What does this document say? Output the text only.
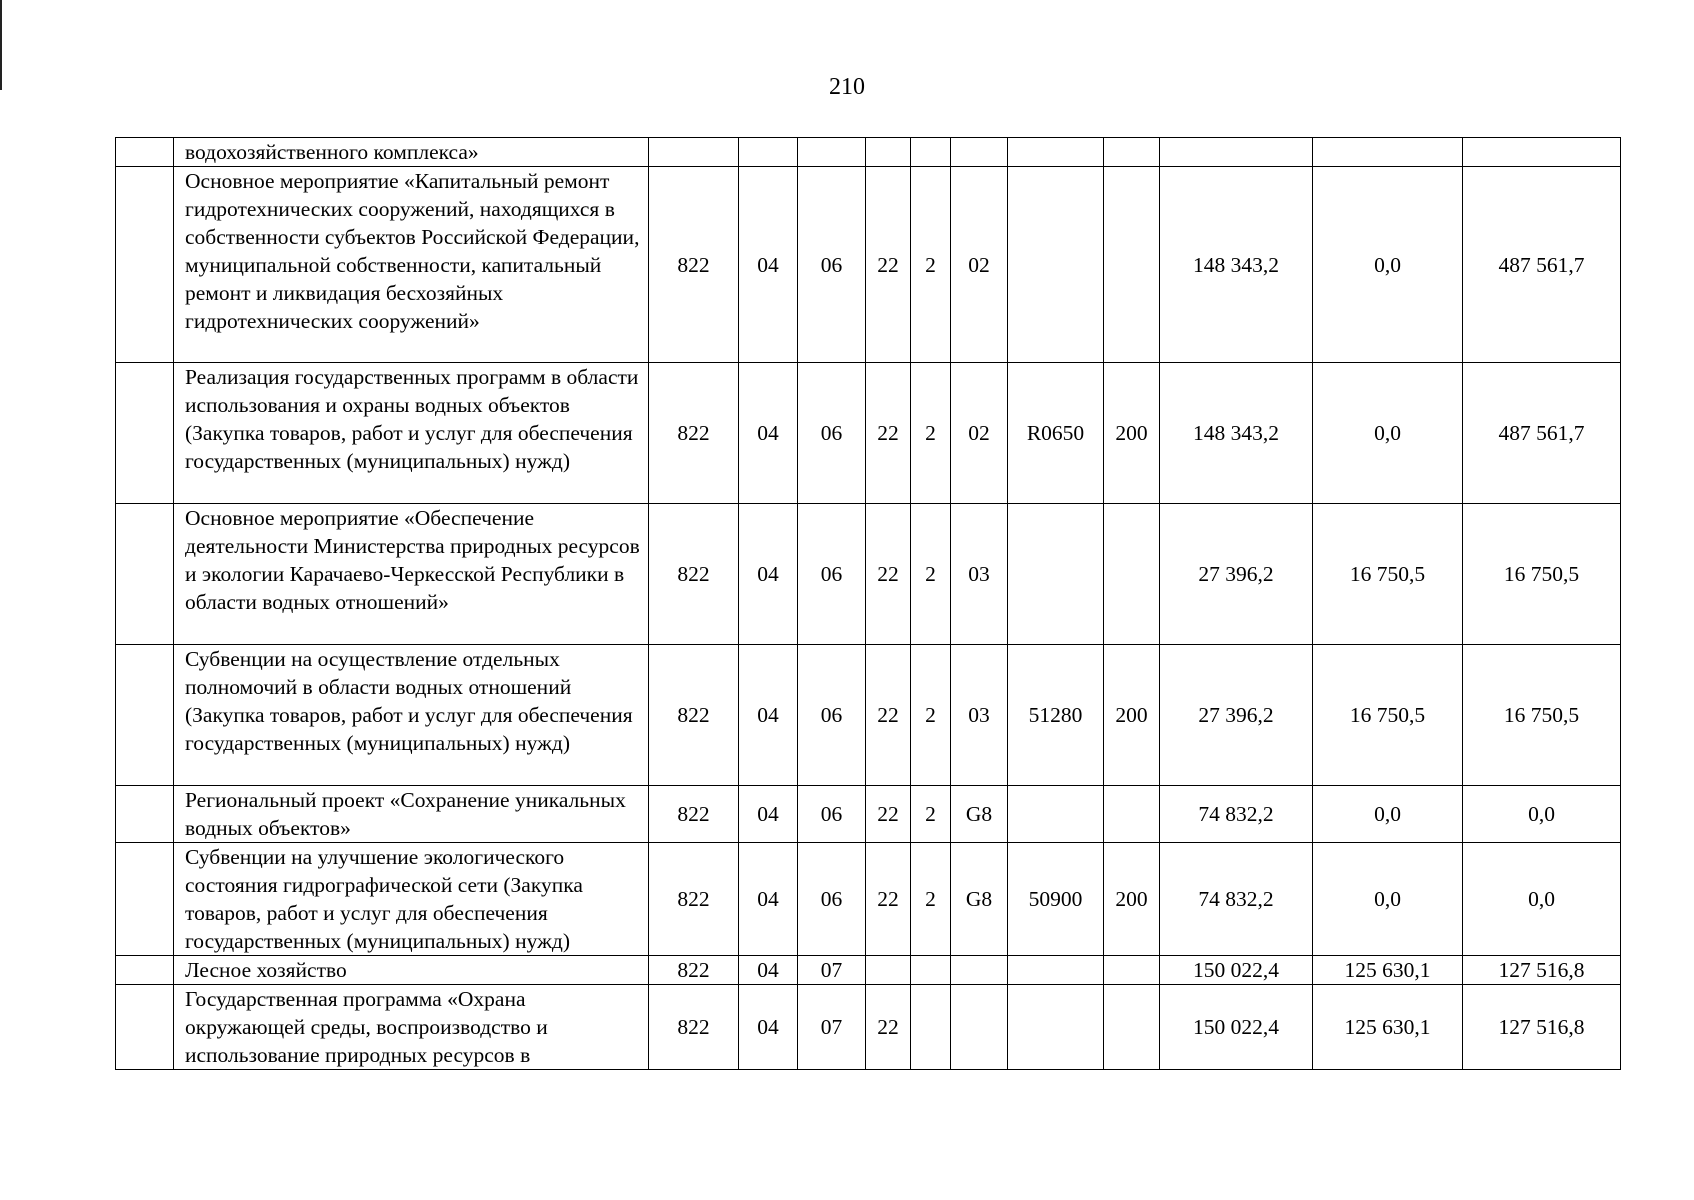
210
	водохозяйственного комплекса»											
	Основное мероприятие «Капитальный ремонт гидротехнических сооружений, находящихся в собственности субъектов Российской Федерации, муниципальной собственности, капитальный ремонт и ликвидация бесхозяйных гидротехнических сооружений»	822	04	06	22	2	02			148 343,2	0,0	487 561,7
	Реализация государственных программ в области использования и охраны водных объектов (Закупка товаров, работ и услуг для обеспечения государственных (муниципальных) нужд)	822	04	06	22	2	02	R0650	200	148 343,2	0,0	487 561,7
	Основное мероприятие «Обеспечение деятельности Министерства природных ресурсов и экологии Карачаево-Черкесской Республики в области водных отношений»	822	04	06	22	2	03			27 396,2	16 750,5	16 750,5
	Субвенции на осуществление отдельных полномочий в области водных отношений (Закупка товаров, работ и услуг для обеспечения государственных (муниципальных) нужд)	822	04	06	22	2	03	51280	200	27 396,2	16 750,5	16 750,5
	Региональный проект «Сохранение уникальных водных объектов»	822	04	06	22	2	G8			74 832,2	0,0	0,0
	Субвенции на улучшение экологического состояния гидрографической сети (Закупка товаров, работ и услуг для обеспечения государственных (муниципальных) нужд)	822	04	06	22	2	G8	50900	200	74 832,2	0,0	0,0
	Лесное хозяйство	822	04	07						150 022,4	125 630,1	127 516,8
	Государственная программа «Охрана окружающей среды, воспроизводство и использование природных ресурсов в	822	04	07	22					150 022,4	125 630,1	127 516,8
